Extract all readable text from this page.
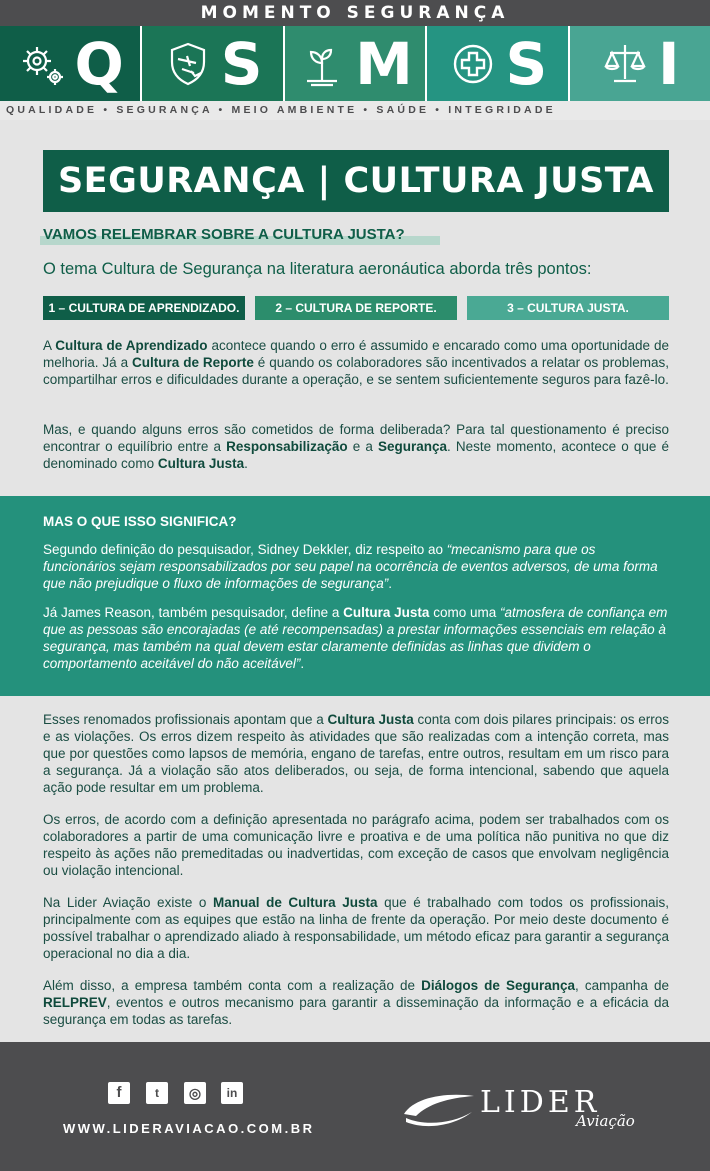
MOMENTO SEGURANÇA
Q S M S I
QUALIDADE • SEGURANÇA • MEIO AMBIENTE • SAÚDE • INTEGRIDADE
SEGURANÇA | CULTURA JUSTA
VAMOS RELEMBRAR SOBRE A CULTURA JUSTA?
O tema Cultura de Segurança na literatura aeronáutica aborda três pontos:
1 – CULTURA DE APRENDIZADO.	2 – CULTURA DE REPORTE.	3 – CULTURA JUSTA.

A Cultura de Aprendizado acontece quando o erro é assumido e encarado como uma oportunidade de melhoria. Já a Cultura de Reporte é quando os colaboradores são incentivados a relatar os problemas, compartilhar erros e dificuldades durante a operação, e se sentem suficientemente seguros para fazê-lo.

Mas, e quando alguns erros são cometidos de forma deliberada? Para tal questionamento é preciso encontrar o equilíbrio entre a Responsabilização e a Segurança. Neste momento, acontece o que é denominado como Cultura Justa.

MAS O QUE ISSO SIGNIFICA?

Segundo definição do pesquisador, Sidney Dekkler, diz respeito ao “mecanismo para que os funcionários sejam responsabilizados por seu papel na ocorrência de eventos adversos, de uma forma que não prejudique o fluxo de informações de segurança”.

Já James Reason, também pesquisador, define a Cultura Justa como uma “atmosfera de confiança em que as pessoas são encorajadas (e até recompensadas) a prestar informações essenciais em relação à segurança, mas também na qual devem estar claramente definidas as linhas que dividem o comportamento aceitável do não aceitável”.

Esses renomados profissionais apontam que a Cultura Justa conta com dois pilares principais: os erros e as violações. Os erros dizem respeito às atividades que são realizadas com a intenção correta, mas que por questões como lapsos de memória, engano de tarefas, entre outros, resultam em um risco para a segurança. Já a violação são atos deliberados, ou seja, de forma intencional, sabendo que aquela ação pode resultar em um problema.

Os erros, de acordo com a definição apresentada no parágrafo acima, podem ser trabalhados com os colaboradores a partir de uma comunicação livre e proativa e de uma política não punitiva no que diz respeito às ações não premeditadas ou inadvertidas, com exceção de casos que envolvam negligência ou violação intencional.

Na Lider Aviação existe o Manual de Cultura Justa que é trabalhado com todos os profissionais, principalmente com as equipes que estão na linha de frente da operação. Por meio deste documento é possível trabalhar o aprendizado aliado à responsabilidade, um método eficaz para garantir a segurança operacional no dia a dia.

Além disso, a empresa também conta com a realização de Diálogos de Segurança, campanha de RELPREV, eventos e outros mecanismo para garantir a disseminação da informação e a eficácia da segurança em todas as tarefas.

f	t	◎	in
WWW.LIDERAVIACAO.COM.BR
LIDER
Aviação
